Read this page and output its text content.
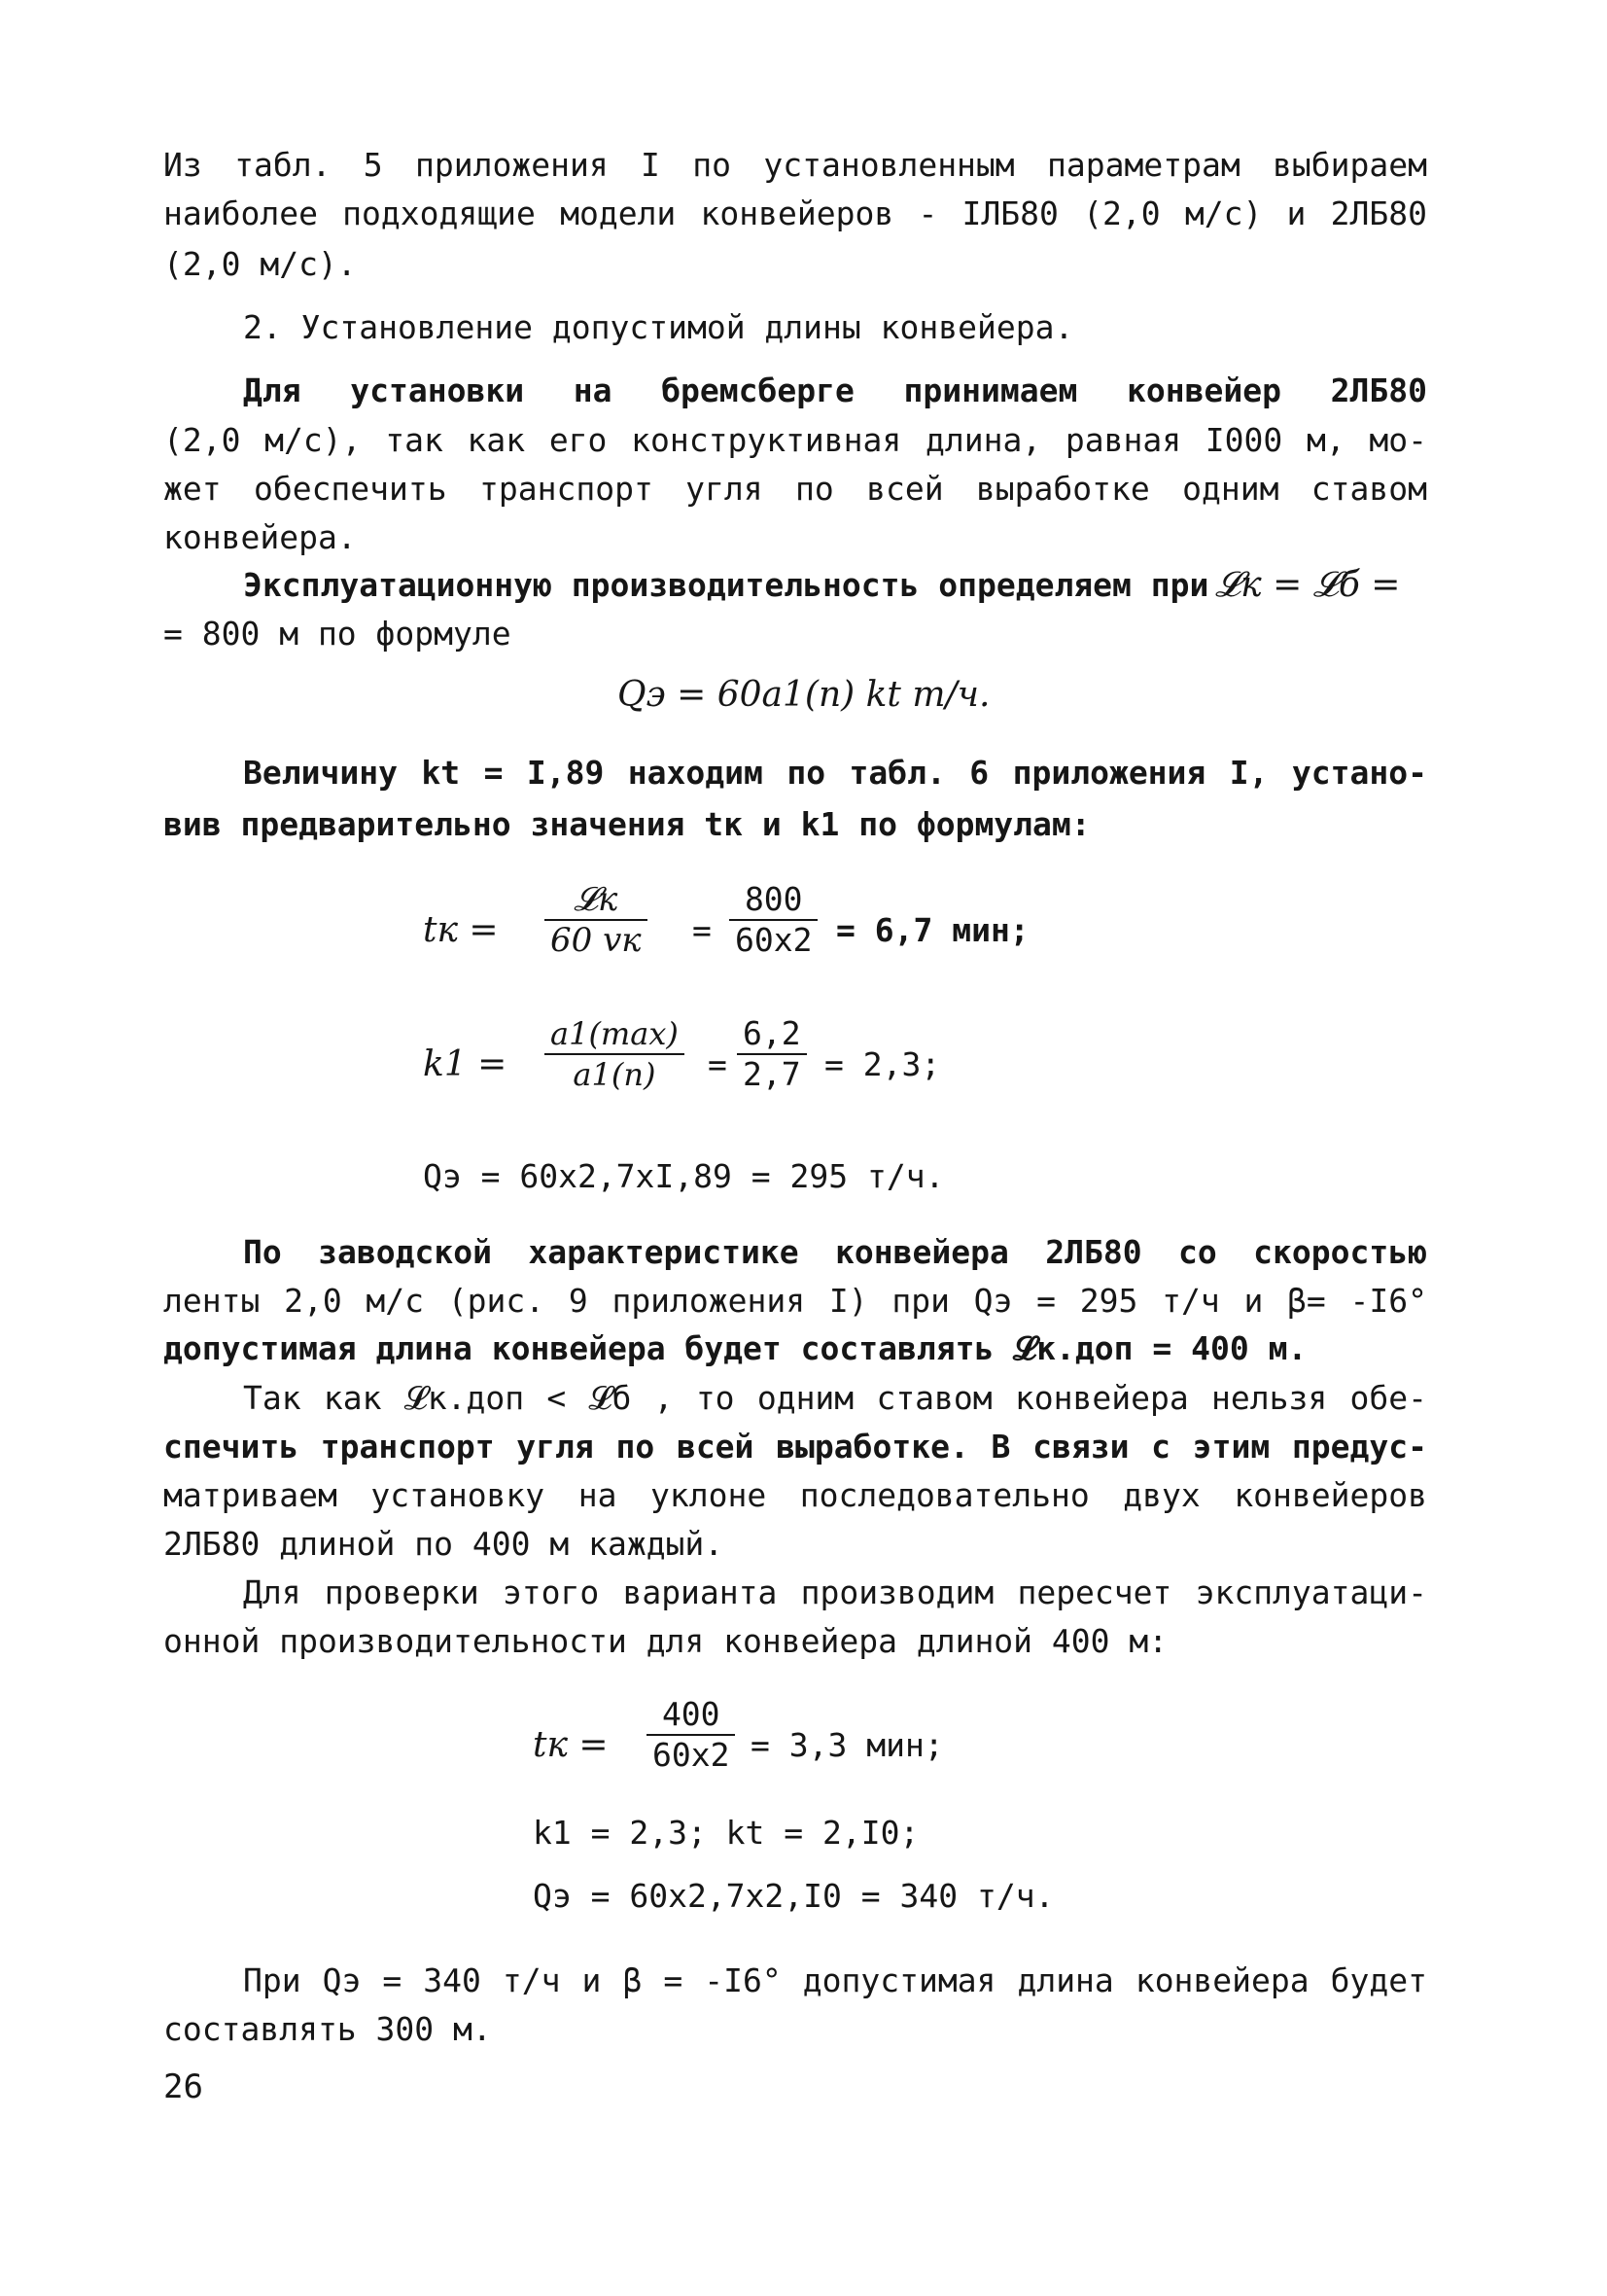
Из табл. 5 приложения I по установленным параметрам выбираем
наиболее подходящие модели конвейеров - IЛБ80 (2,0 м/с) и 2ЛБ80
(2,0 м/с).
2. Установление допустимой длины конвейера.
Для установки на бремсберге принимаем конвейер 2ЛБ80
(2,0 м/с), так как его конструктивная длина, равная I000 м, мо-
жет обеспечить транспорт угля по всей выработке одним ставом
конвейера.
Эксплуатационную производительность определяем при 𝓛к = 𝓛б =
= 800 м по формуле
Qэ = 60a1(п) kt т/ч.
Величину kt = I,89 находим по табл. 6 приложения I, устано-
вив предварительно значения tк и k1 по формулам:
tк =
𝓛к
60 vк = $\frac{800}{60x2} = 6,7$ мин;
k1 =
a1(max)
a1(п)	= $\frac{6,2}{2,7} = 2,3$;
Qэ = 60x2,7xI,89 = 295 т/ч.
По заводской характеристике конвейера 2ЛБ80 со скоростью
ленты 2,0 м/с (рис. 9 приложения I) при Qэ = 295 т/ч и β= -I6°
допустимая длина конвейера будет составлять 𝓛к.доп = 400 м.
Так как 𝓛к.доп < 𝓛б , то одним ставом конвейера нельзя обе-
спечить транспорт угля по всей выработке. В связи с этим предус-
матриваем установку на уклоне последовательно двух конвейеров
2ЛБ80 длиной по 400 м каждый.
Для проверки этого варианта производим пересчет эксплуатаци-
онной производительности для конвейера длиной 400 м:
tк = $\frac{400}{60x2} = 3,3$ мин;
k1 = 2,3; kt = 2,I0;
Qэ = 60x2,7x2,I0 = 340 т/ч.
При Qэ = 340 т/ч и β = -I6° допустимая длина конвейера будет
составлять 300 м.
26
